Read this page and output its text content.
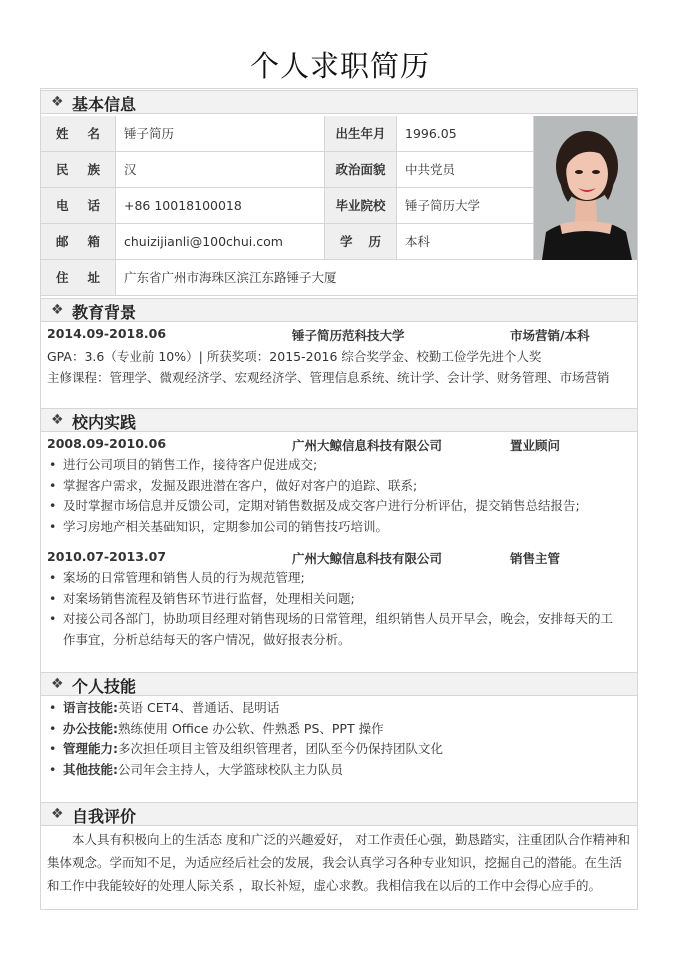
个人求职简历
❖ 基本信息
姓 名	锤子简历	出生年月	1996.05
民 族	汉	政治面貌	中共党员
电 话	+86 10018100018	毕业院校	锤子简历大学
邮 箱	chuizijianli@100chui.com	学 历	本科
住 址	广东省广州市海珠区滨江东路锤子大厦
❖ 教育背景
2014.09-2018.06	锤子简历范科技大学	市场营销/本科
GPA：3.6（专业前 10%）| 所获奖项：2015-2016 综合奖学金、校勤工俭学先进个人奖
主修课程：管理学、微观经济学、宏观经济学、管理信息系统、统计学、会计学、财务管理、市场营销
❖ 校内实践
2008.09-2010.06	广州大鲸信息科技有限公司	置业顾问
• 进行公司项目的销售工作，接待客户促进成交;
• 掌握客户需求，发掘及跟进潜在客户，做好对客户的追踪、联系;
• 及时掌握市场信息并反馈公司，定期对销售数据及成交客户进行分析评估，提交销售总结报告;
• 学习房地产相关基础知识，定期参加公司的销售技巧培训。
2010.07-2013.07	广州大鲸信息科技有限公司	销售主管
• 案场的日常管理和销售人员的行为规范管理;
• 对案场销售流程及销售环节进行监督，处理相关问题;
• 对接公司各部门，协助项目经理对销售现场的日常管理，组织销售人员开早会，晚会，安排每天的工作事宜，分析总结每天的客户情况，做好报表分析。
❖ 个人技能
• 语言技能:英语 CET4、普通话、昆明话
• 办公技能:熟练使用 Office 办公软、件熟悉 PS、PPT 操作
• 管理能力:多次担任项目主管及组织管理者，团队至今仍保持团队文化
• 其他技能:公司年会主持人，大学篮球校队主力队员
❖ 自我评价
本人具有积极向上的生活态 度和广泛的兴趣爱好， 对工作责任心强，勤恳踏实，注重团队合作精神和集体观念。学而知不足，为适应经后社会的发展，我会认真学习各种专业知识，挖掘自己的潜能。在生活和工作中我能较好的处理人际关系 ，取长补短，虚心求教。我相信我在以后的工作中会得心应手的。
